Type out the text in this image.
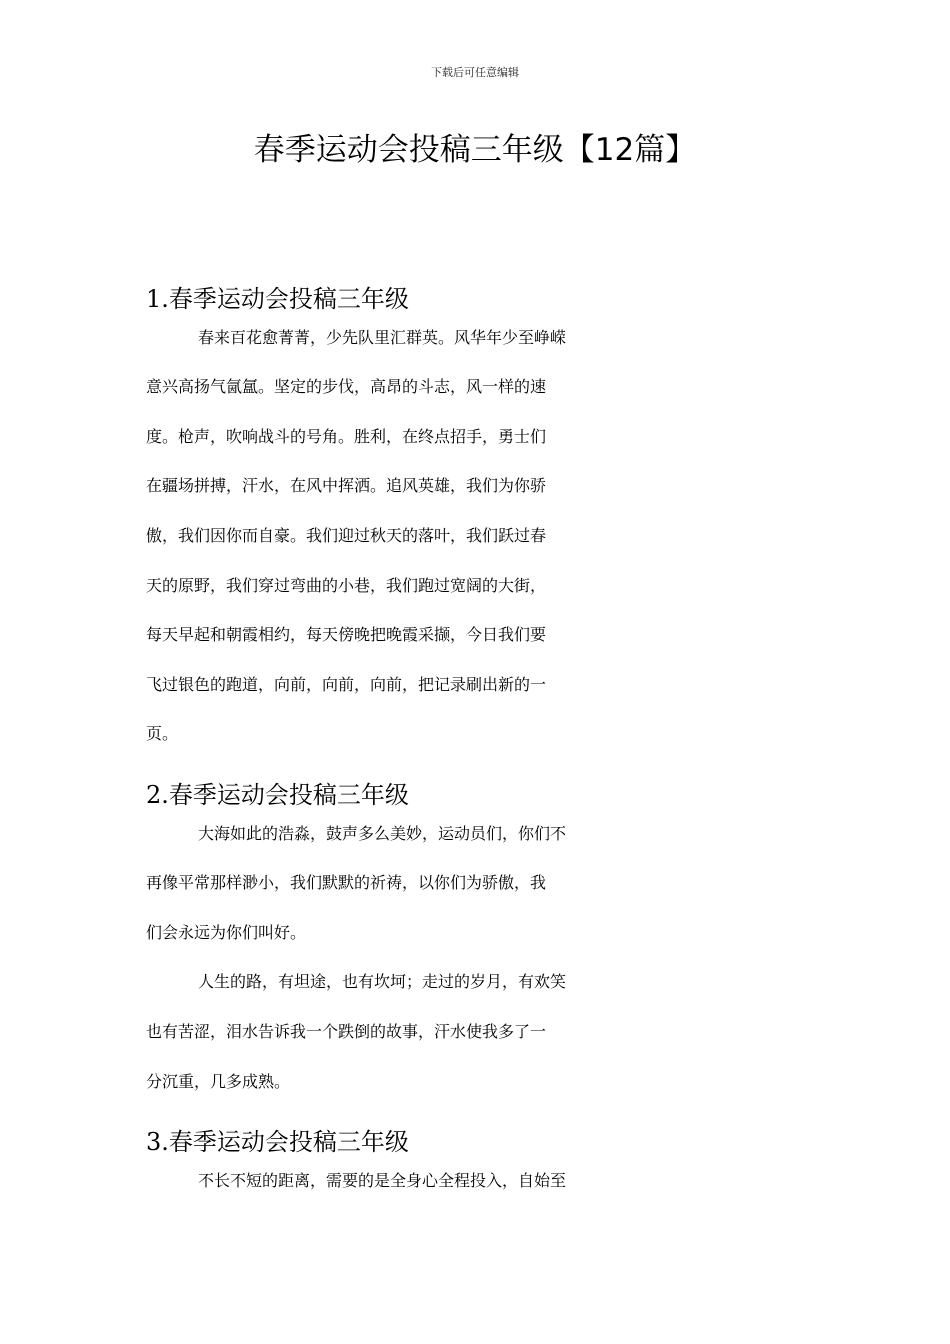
下载后可任意编辑
春季运动会投稿三年级【12篇】
1.春季运动会投稿三年级
春来百花愈菁菁，少先队里汇群英。风华年少至峥嵘
意兴高扬气氤氲。坚定的步伐，高昂的斗志，风一样的速
度。枪声，吹响战斗的号角。胜利，在终点招手，勇士们
在疆场拼搏，汗水，在风中挥洒。追风英雄，我们为你骄
傲，我们因你而自豪。我们迎过秋天的落叶，我们跃过春
天的原野，我们穿过弯曲的小巷，我们跑过宽阔的大街，
每天早起和朝霞相约，每天傍晚把晚霞采撷，今日我们要
飞过银色的跑道，向前，向前，向前，把记录刷出新的一
页。
2.春季运动会投稿三年级
大海如此的浩淼，鼓声多么美妙，运动员们，你们不
再像平常那样渺小，我们默默的祈祷，以你们为骄傲，我
们会永远为你们叫好。
人生的路，有坦途，也有坎坷；走过的岁月，有欢笑
也有苦涩，泪水告诉我一个跌倒的故事，汗水使我多了一
分沉重，几多成熟。
3.春季运动会投稿三年级
不长不短的距离，需要的是全身心全程投入，自始至
